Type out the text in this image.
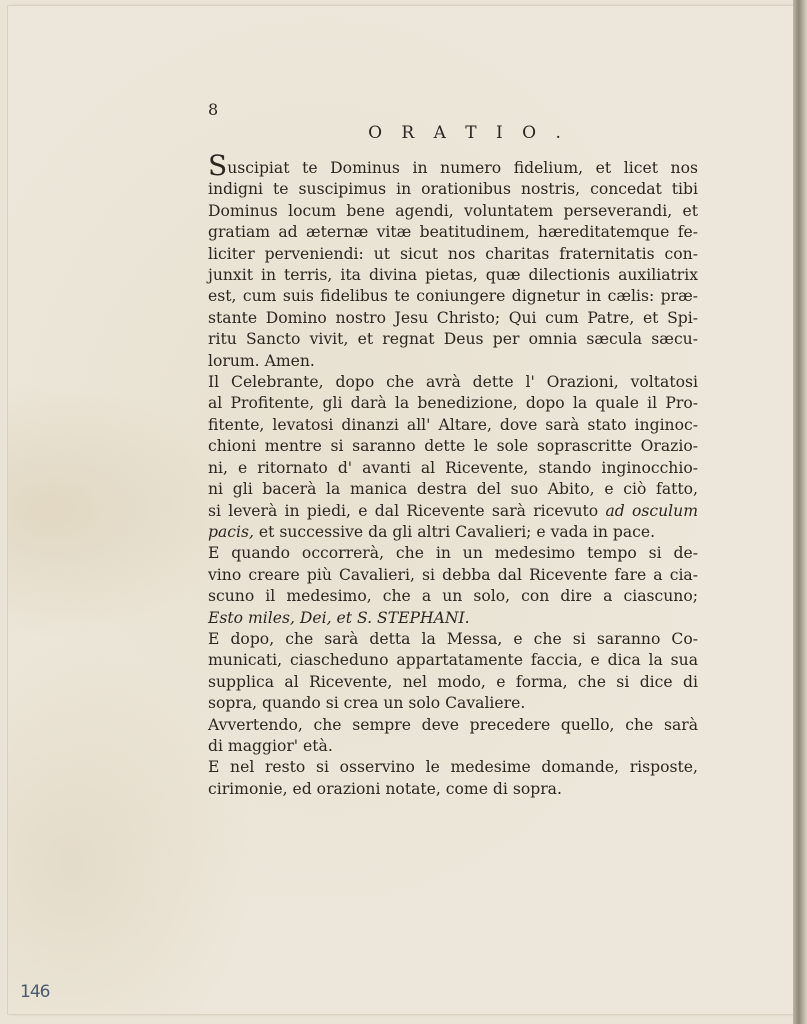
8
O R A T I O .

Suscipiat te Dominus in numero fidelium, et licet nos
indigni te suscipimus in orationibus nostris, concedat tibi
Dominus locum bene agendi, voluntatem perseverandi, et
gratiam ad æternæ vitæ beatitudinem, hæreditatemque fe-
liciter perveniendi: ut sicut nos charitas fraternitatis con-
junxit in terris, ita divina pietas, quæ dilectionis auxiliatrix
est, cum suis fidelibus te coniungere dignetur in cælis: præ-
stante Domino nostro Jesu Christo; Qui cum Patre, et Spi-
ritu Sancto vivit, et regnat Deus per omnia sæcula sæcu-
lorum. Amen.

Il Celebrante, dopo che avrà dette l' Orazioni, voltatosi
al Profitente, gli darà la benedizione, dopo la quale il Pro-
fitente, levatosi dinanzi all' Altare, dove sarà stato inginoc-
chioni mentre si saranno dette le sole soprascritte Orazio-
ni, e ritornato d' avanti al Ricevente, stando inginocchio-
ni gli bacerà la manica destra del suo Abito, e ciò fatto,
si leverà in piedi, e dal Ricevente sarà ricevuto ad osculum
pacis, et successive da gli altri Cavalieri; e vada in pace.

E quando occorrerà, che in un medesimo tempo si de-
vino creare più Cavalieri, si debba dal Ricevente fare a cia-
scuno il medesimo, che a un solo, con dire a ciascuno;
Esto miles, Dei, et S. STEPHANI.

E dopo, che sarà detta la Messa, e che si saranno Co-
municati, ciascheduno appartatamente faccia, e dica la sua
supplica al Ricevente, nel modo, e forma, che si dice di
sopra, quando si crea un solo Cavaliere.

Avvertendo, che sempre deve precedere quello, che sarà
di maggior' età.

E nel resto si osservino le medesime domande, risposte,
cirimonie, ed orazioni notate, come di sopra.

146
